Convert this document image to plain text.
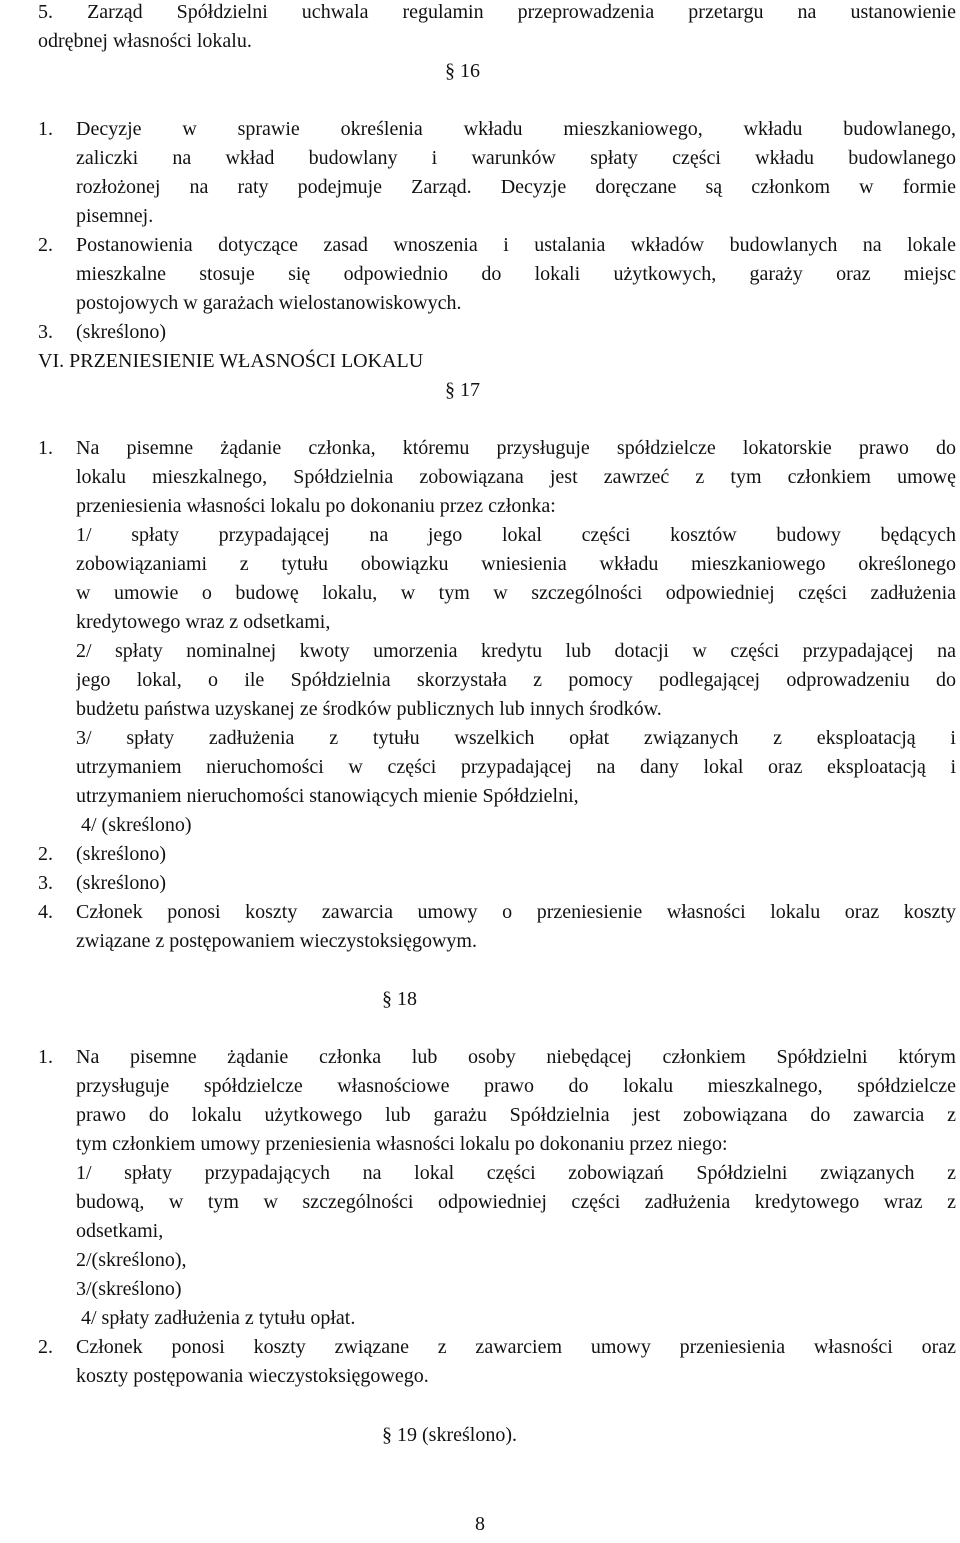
5. Zarząd Spółdzielni uchwala regulamin przeprowadzenia przetargu na ustanowienie
odrębnej własności lokalu.
§ 16
1. Decyzje w sprawie określenia wkładu mieszkaniowego, wkładu budowlanego,
zaliczki na wkład budowlany i warunków spłaty części wkładu budowlanego
rozłożonej na raty podejmuje Zarząd. Decyzje doręczane są członkom w formie
pisemnej.
2. Postanowienia dotyczące zasad wnoszenia i ustalania wkładów budowlanych na lokale
mieszkalne stosuje się odpowiednio do lokali użytkowych, garaży oraz miejsc
postojowych w garażach wielostanowiskowych.
3. (skreślono)
VI. PRZENIESIENIE WŁASNOŚCI LOKALU
§ 17
1. Na pisemne żądanie członka, któremu przysługuje spółdzielcze lokatorskie prawo do
lokalu mieszkalnego, Spółdzielnia zobowiązana jest zawrzeć z tym członkiem umowę
przeniesienia własności lokalu po dokonaniu przez członka:
1/ spłaty przypadającej na jego lokal części kosztów budowy będących
zobowiązaniami z tytułu obowiązku wniesienia wkładu mieszkaniowego określonego
w umowie o budowę lokalu, w tym w szczególności odpowiedniej części zadłużenia
kredytowego wraz z odsetkami,
2/ spłaty nominalnej kwoty umorzenia kredytu lub dotacji w części przypadającej na
jego lokal, o ile Spółdzielnia skorzystała z pomocy podlegającej odprowadzeniu do
budżetu państwa uzyskanej ze środków publicznych lub innych środków.
3/ spłaty zadłużenia z tytułu wszelkich opłat związanych z eksploatacją i
utrzymaniem nieruchomości w części przypadającej na dany lokal oraz eksploatacją i
utrzymaniem nieruchomości stanowiących mienie Spółdzielni,
4/ (skreślono)
2. (skreślono)
3. (skreślono)
4. Członek ponosi koszty zawarcia umowy o przeniesienie własności lokalu oraz koszty
związane z postępowaniem wieczystoksięgowym.
§ 18
1. Na pisemne żądanie członka lub osoby niebędącej członkiem Spółdzielni którym
przysługuje spółdzielcze własnościowe prawo do lokalu mieszkalnego, spółdzielcze
prawo do lokalu użytkowego lub garażu Spółdzielnia jest zobowiązana do zawarcia z
tym członkiem umowy przeniesienia własności lokalu po dokonaniu przez niego:
1/ spłaty przypadających na lokal części zobowiązań Spółdzielni związanych z
budową, w tym w szczególności odpowiedniej części zadłużenia kredytowego wraz z
odsetkami,
2/(skreślono),
3/(skreślono)
4/ spłaty zadłużenia z tytułu opłat.
2. Członek ponosi koszty związane z zawarciem umowy przeniesienia własności oraz
koszty postępowania wieczystoksięgowego.
§ 19 (skreślono).
8
